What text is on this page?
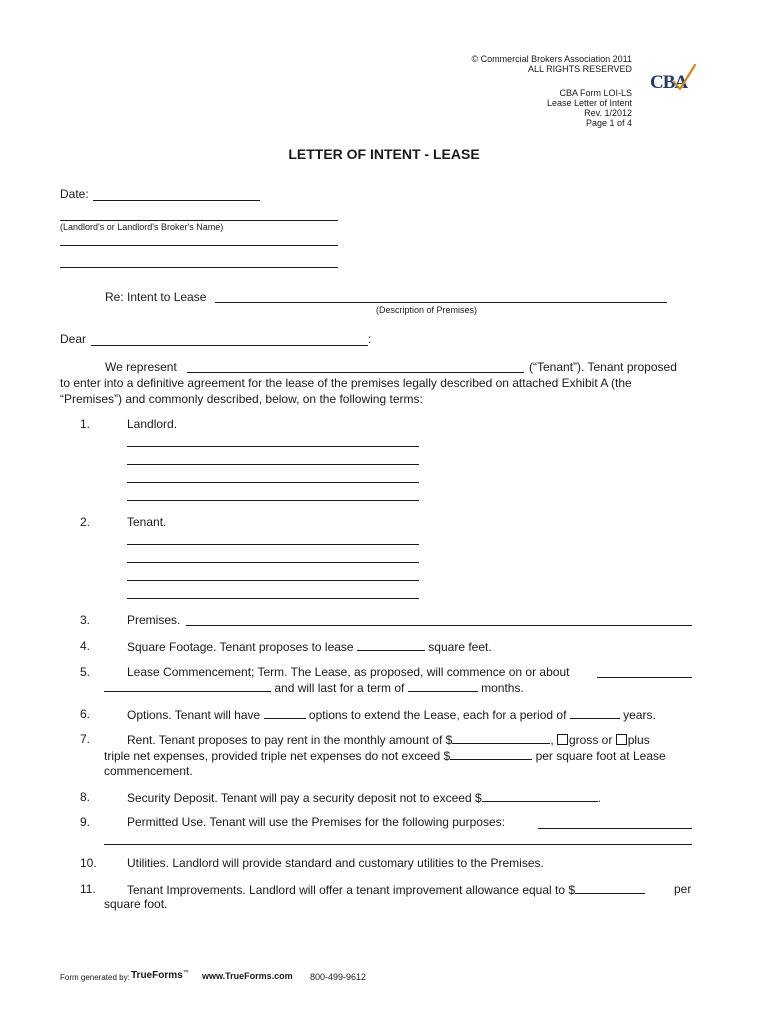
© Commercial Brokers Association 2011
ALL RIGHTS RESERVED
CBA Form LOI-LS
Lease Letter of Intent
Rev. 1/2012
Page 1 of 4
CBA
LETTER OF INTENT - LEASE
Date:
(Landlord's or Landlord's Broker's Name)
Re: Intent to Lease
(Description of Premises)
Dear	:
We represent	(“Tenant”). Tenant proposed
to enter into a definitive agreement for the lease of the premises legally described on attached Exhibit A (the
“Premises”) and commonly described, below, on the following terms:
1.	Landlord.
2.	Tenant.
3.	Premises.
4.	Square Footage. Tenant proposes to lease	square feet.
5.	Lease Commencement; Term. The Lease, as proposed, will commence on or about
and will last for a term of	months.
6.	Options. Tenant will have	options to extend the Lease, each for a period of	years.
7.	Rent. Tenant proposes to pay rent in the monthly amount of $	, gross or plus
triple net expenses, provided triple net expenses do not exceed $	per square foot at Lease
commencement.
8.	Security Deposit. Tenant will pay a security deposit not to exceed $	.
9.	Permitted Use. Tenant will use the Premises for the following purposes:
10.	Utilities. Landlord will provide standard and customary utilities to the Premises.
11.	Tenant Improvements. Landlord will offer a tenant improvement allowance equal to $	per
square foot.
Form generated by: TrueForms™ www.TrueForms.com 800-499-9612
